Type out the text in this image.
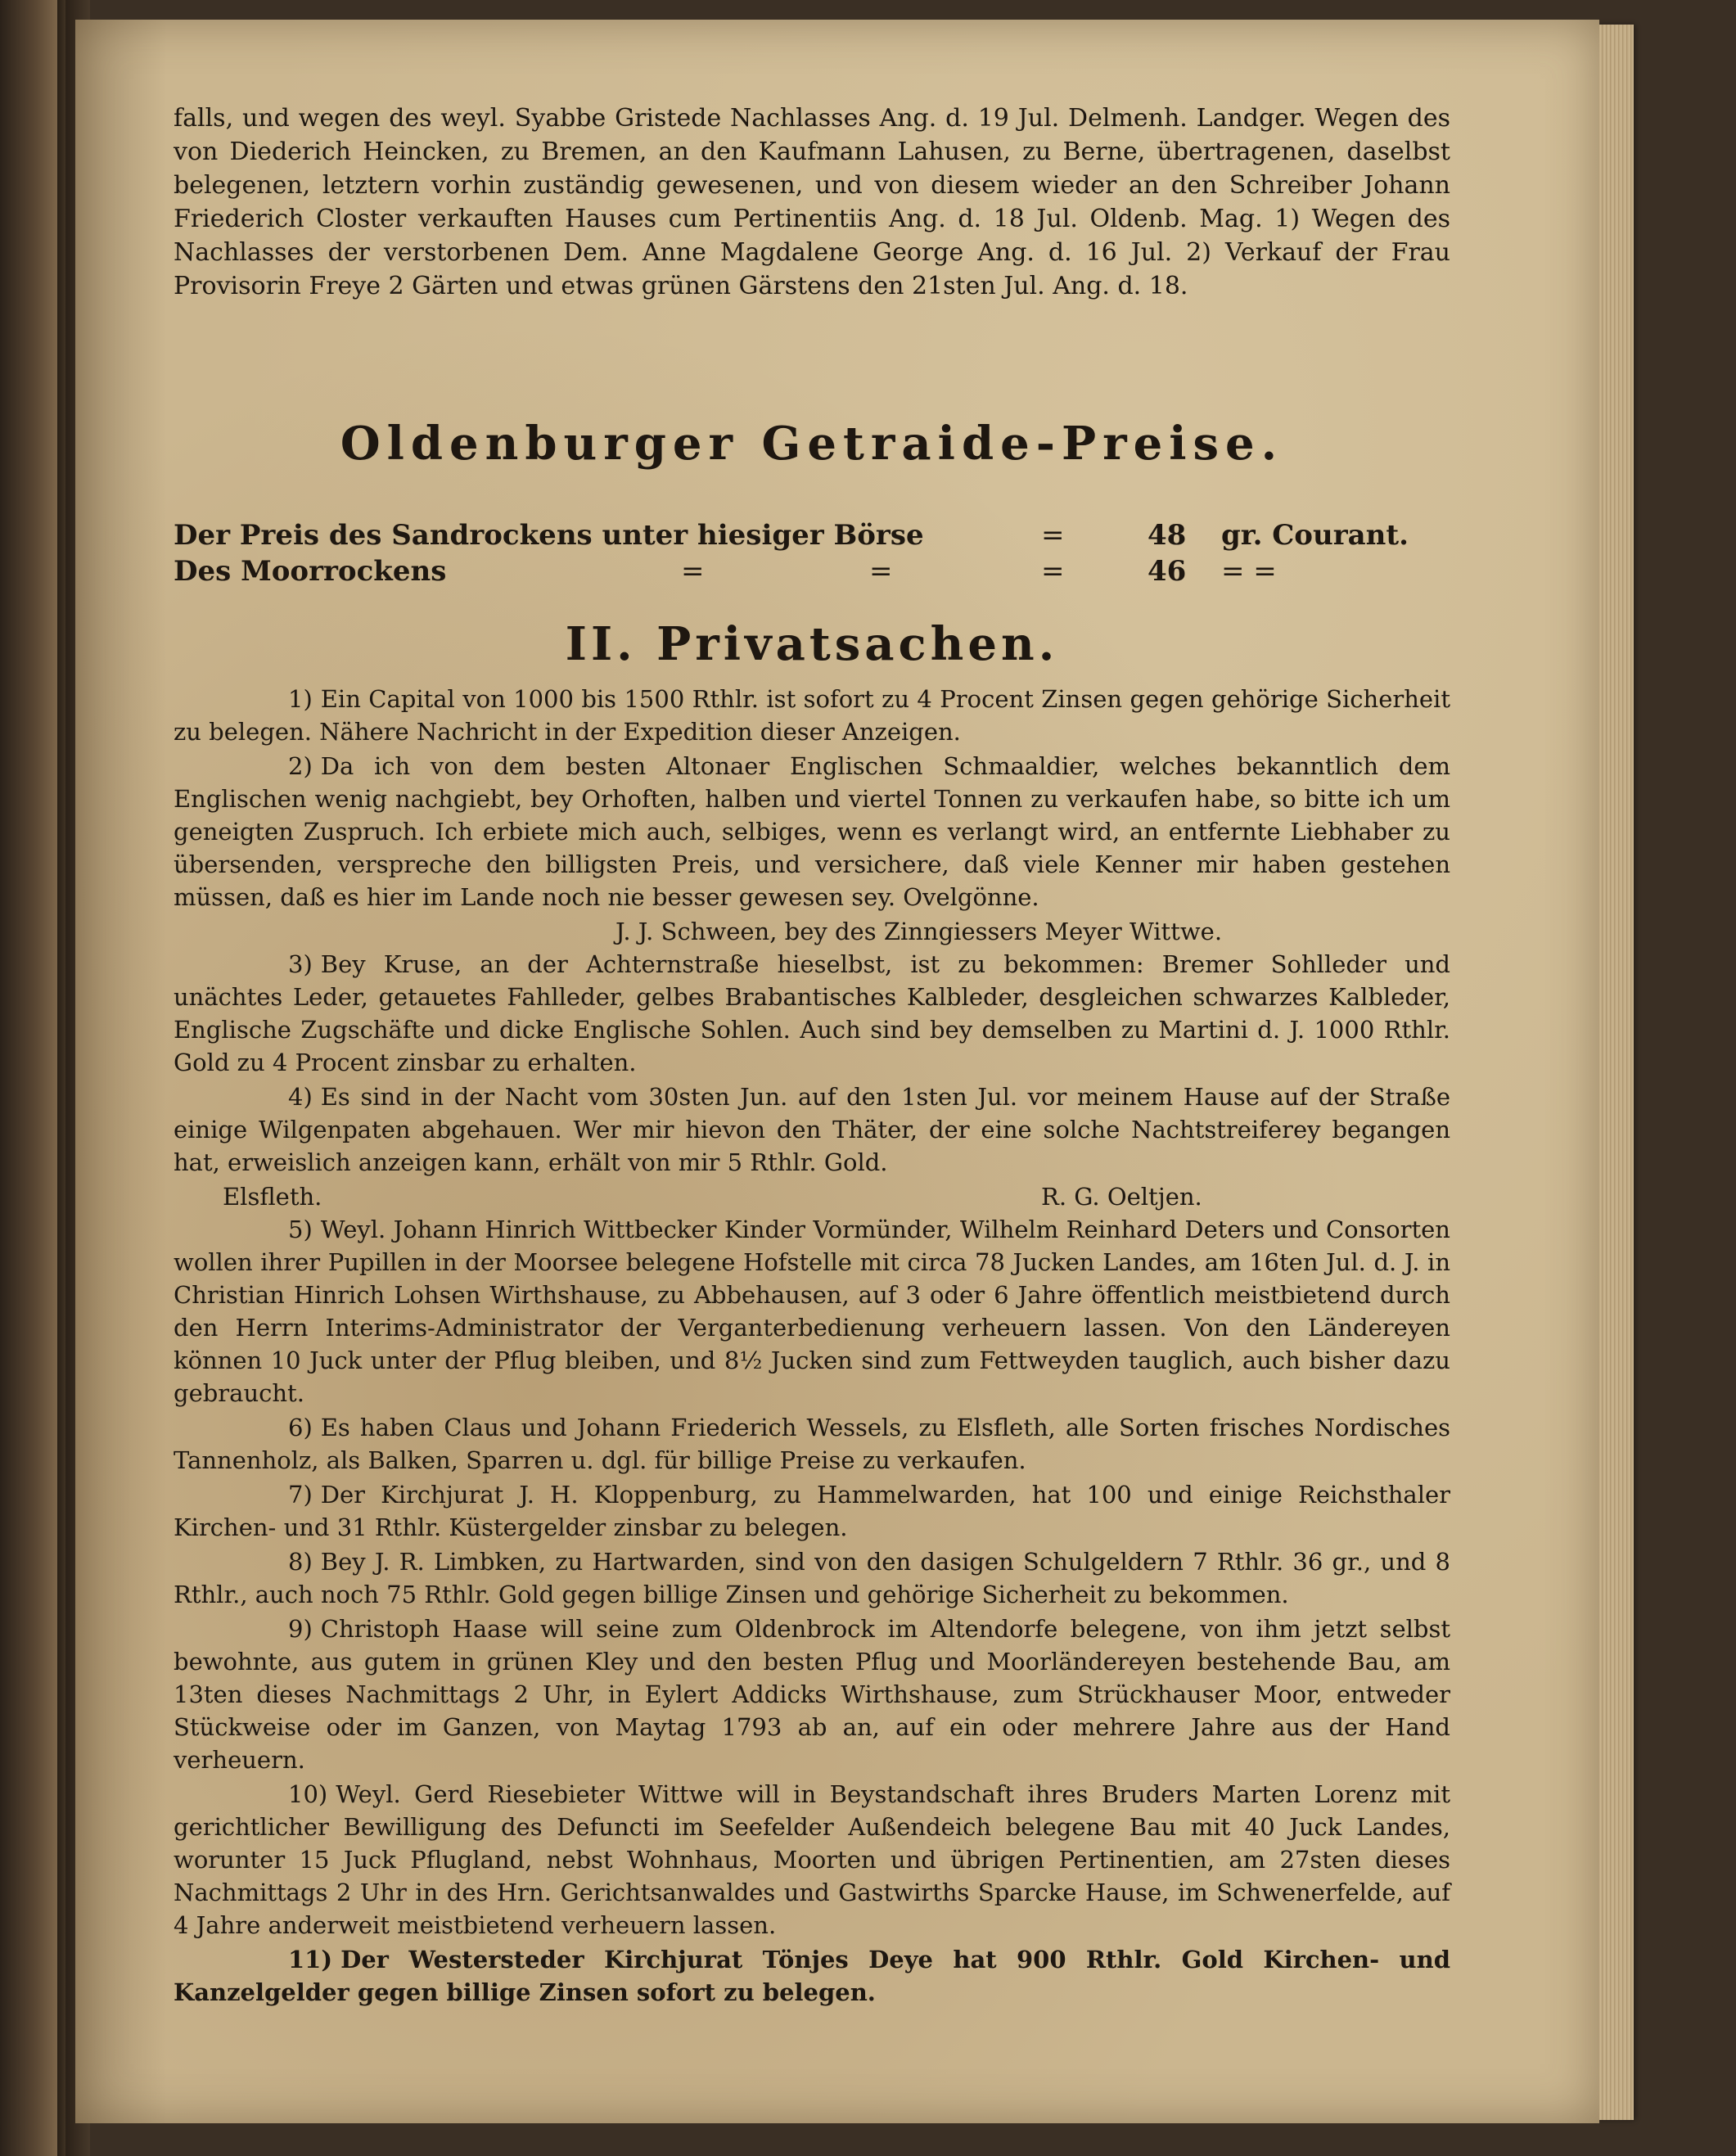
falls, und wegen des weyl. Syabbe Gristede Nachlasses Ang. d. 19 Jul. Delmenh. Landger. Wegen des von Diederich Heincken, zu Bremen, an den Kaufmann Lahusen, zu Berne, übertragenen, daselbst belegenen, letztern vorhin zuständig gewesenen, und von diesem wieder an den Schreiber Johann Friederich Closter verkauften Hauses cum Pertinentiis Ang. d. 18 Jul. Oldenb. Mag. 1) Wegen des Nachlasses der verstorbenen Dem. Anne Magdalene George Ang. d. 16 Jul. 2) Verkauf der Frau Provisorin Freye 2 Gärten und etwas grünen Gärstens den 21sten Jul. Ang. d. 18.

Oldenburger Getraide-Preise.
Der Preis des Sandrockens unter hiesiger Börse	=	48 gr. Courant.
Des Moorrockens	=	=	=	46 = =
II. Privatsachen.

1) Ein Capital von 1000 bis 1500 Rthlr. ist sofort zu 4 Procent Zinsen gegen gehörige Sicherheit zu belegen. Nähere Nachricht in der Expedition dieser Anzeigen.

2) Da ich von dem besten Altonaer Englischen Schmaaldier, welches bekanntlich dem Englischen wenig nachgiebt, bey Orhoften, halben und viertel Tonnen zu verkaufen habe, so bitte ich um geneigten Zuspruch. Ich erbiete mich auch, selbiges, wenn es verlangt wird, an entfernte Liebhaber zu übersenden, verspreche den billigsten Preis, und versichere, daß viele Kenner mir haben gestehen müssen, daß es hier im Lande noch nie besser gewesen sey. Ovelgönne.

J. J. Schween, bey des Zinngiessers Meyer Wittwe.

3) Bey Kruse, an der Achternstraße hieselbst, ist zu bekommen: Bremer Sohlleder und unächtes Leder, getauetes Fahlleder, gelbes Brabantisches Kalbleder, desgleichen schwarzes Kalbleder, Englische Zugschäfte und dicke Englische Sohlen. Auch sind bey demselben zu Martini d. J. 1000 Rthlr. Gold zu 4 Procent zinsbar zu erhalten.

4) Es sind in der Nacht vom 30sten Jun. auf den 1sten Jul. vor meinem Hause auf der Straße einige Wilgenpaten abgehauen. Wer mir hievon den Thäter, der eine solche Nachtstreiferey begangen hat, erweislich anzeigen kann, erhält von mir 5 Rthlr. Gold.

Elsfleth.	R. G. Oeltjen.

5) Weyl. Johann Hinrich Wittbecker Kinder Vormünder, Wilhelm Reinhard Deters und Consorten wollen ihrer Pupillen in der Moorsee belegene Hofstelle mit circa 78 Jucken Landes, am 16ten Jul. d. J. in Christian Hinrich Lohsen Wirthshause, zu Abbehausen, auf 3 oder 6 Jahre öffentlich meistbietend durch den Herrn Interims-Administrator der Verganterbedienung verheuern lassen. Von den Ländereyen können 10 Juck unter der Pflug bleiben, und 8½ Jucken sind zum Fettweyden tauglich, auch bisher dazu gebraucht.

6) Es haben Claus und Johann Friederich Wessels, zu Elsfleth, alle Sorten frisches Nordisches Tannenholz, als Balken, Sparren u. dgl. für billige Preise zu verkaufen.

7) Der Kirchjurat J. H. Kloppenburg, zu Hammelwarden, hat 100 und einige Reichsthaler Kirchen- und 31 Rthlr. Küstergelder zinsbar zu belegen.

8) Bey J. R. Limbken, zu Hartwarden, sind von den dasigen Schulgeldern 7 Rthlr. 36 gr., und 8 Rthlr., auch noch 75 Rthlr. Gold gegen billige Zinsen und gehörige Sicherheit zu bekommen.

9) Christoph Haase will seine zum Oldenbrock im Altendorfe belegene, von ihm jetzt selbst bewohnte, aus gutem in grünen Kley und den besten Pflug und Moorländereyen bestehende Bau, am 13ten dieses Nachmittags 2 Uhr, in Eylert Addicks Wirthshause, zum Strückhauser Moor, entweder Stückweise oder im Ganzen, von Maytag 1793 ab an, auf ein oder mehrere Jahre aus der Hand verheuern.

10) Weyl. Gerd Riesebieter Wittwe will in Beystandschaft ihres Bruders Marten Lorenz mit gerichtlicher Bewilligung des Defuncti im Seefelder Außendeich belegene Bau mit 40 Juck Landes, worunter 15 Juck Pflugland, nebst Wohnhaus, Moorten und übrigen Pertinentien, am 27sten dieses Nachmittags 2 Uhr in des Hrn. Gerichtsanwaldes und Gastwirths Sparcke Hause, im Schwenerfelde, auf 4 Jahre anderweit meistbietend verheuern lassen.

11) Der Westersteder Kirchjurat Tönjes Deye hat 900 Rthlr. Gold Kirchen- und Kanzelgelder gegen billige Zinsen sofort zu belegen.
